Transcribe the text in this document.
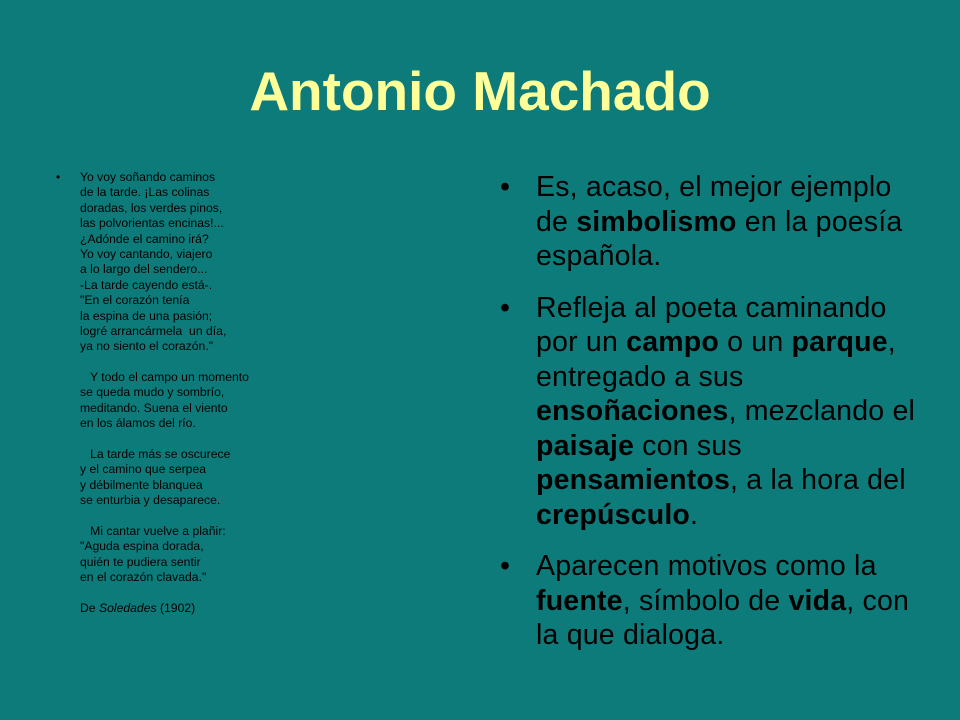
Antonio Machado
• Yo voy soñando caminos
de la tarde. ¡Las colinas
doradas, los verdes pinos,
las polvorientas encinas!...
¿Adónde el camino irá?
Yo voy cantando, viajero
a lo largo del sendero...
-La tarde cayendo está-.
"En el corazón tenía
la espina de una pasión;
logré arrancármela  un día,
ya no siento el corazón."
Y todo el campo un momento
se queda mudo y sombrío,
meditando. Suena el viento
en los álamos del río.
La tarde más se oscurece
y el camino que serpea
y débilmente blanquea
se enturbia y desaparece.
Mi cantar vuelve a plañir:
"Aguda espina dorada,
quién te pudiera sentir
en el corazón clavada."
De Soledades (1902)
• Es, acaso, el mejor ejemplo de simbolismo en la poesía española.
• Refleja al poeta caminando por un campo o un parque, entregado a sus ensoñaciones, mezclando el paisaje con sus pensamientos, a la hora del crepúsculo.
• Aparecen motivos como la fuente, símbolo de vida, con la que dialoga.
